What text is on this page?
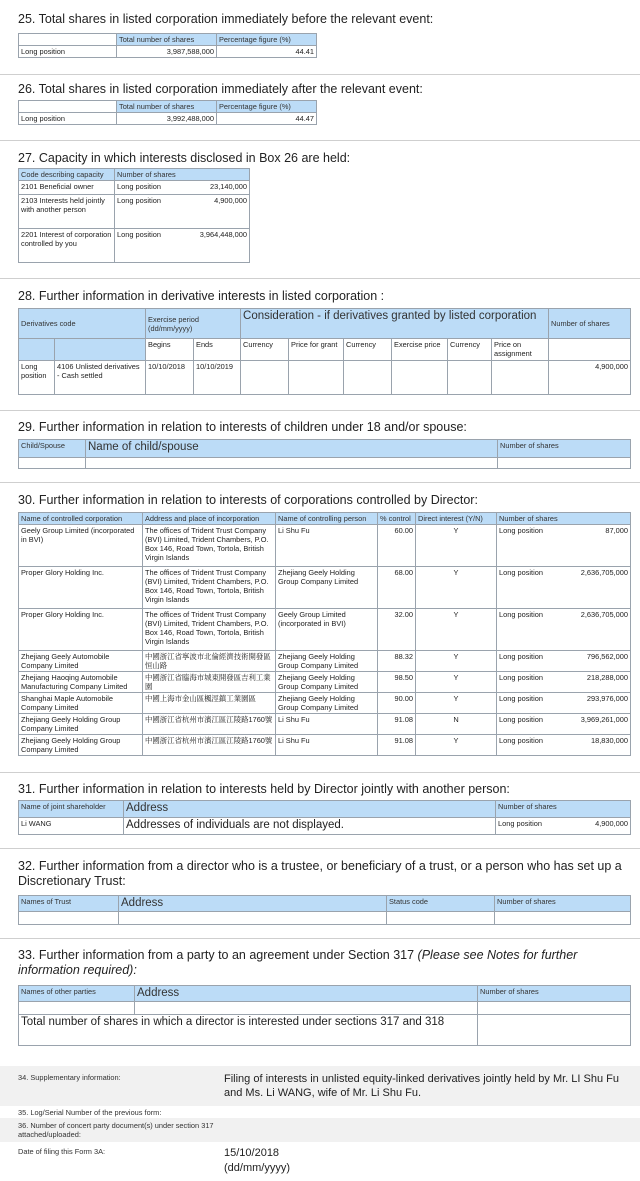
25. Total shares in listed corporation immediately before the relevant event:
	Total number of shares	Percentage figure (%)
Long position	3,987,588,000	44.41
26. Total shares in listed corporation immediately after the relevant event:
	Total number of shares	Percentage figure (%)
Long position	3,992,488,000	44.47
27. Capacity in which interests disclosed in Box 26 are held:
Code describing capacity	Number of shares
2101 Beneficial owner	Long position 23,140,000

2103 Interests held jointly with another person	Long position 4,900,000

2201 Interest of corporation controlled by you	Long position 3,964,448,000
28. Further information in derivative interests in listed corporation :
Derivatives code		Exercise period (dd/mm/yyyy)		Consideration - if derivatives granted by listed corporation						Number of shares
		Begins	Ends	Currency	Price for grant	Currency	Exercise price	Currency	Price on assignment	
Long position	4106 Unlisted derivatives - Cash settled	10/10/2018	10/10/2019							4,900,000
29. Further information in relation to interests of children under 18 and/or spouse:
Child/Spouse	Name of child/spouse	Number of shares

30. Further information in relation to interests of corporations controlled by Director:
Name of controlled corporation	Address and place of incorporation	Name of controlling person	% control	Direct interest (Y/N)	Number of shares
Geely Group Limited (incorporated in BVI)	The offices of Trident Trust Company (BVI) Limited, Trident Chambers, P.O. Box 146, Road Town, Tortola, British Virgin Islands	Li Shu Fu	60.00	Y	Long position 87,000

Proper Glory Holding Inc.	The offices of Trident Trust Company (BVI) Limited, Trident Chambers, P.O. Box 146, Road Town, Tortola, British Virgin Islands	Zhejiang Geely Holding Group Company Limited	68.00	Y	Long position 2,636,705,000

Proper Glory Holding Inc.	The offices of Trident Trust Company (BVI) Limited, Trident Chambers, P.O. Box 146, Road Town, Tortola, British Virgin Islands	Geely Group Limited (incorporated in BVI)	32.00	Y	Long position 2,636,705,000

Zhejiang Geely Automobile Company Limited	中國浙江省寧波市北倫經濟技術開發區恒山路	Zhejiang Geely Holding Group Company Limited	88.32	Y	Long position 796,562,000

Zhejiang Haoqing Automobile Manufacturing Company Limited	中國浙江省臨海市城東開發區吉利工業園	Zhejiang Geely Holding Group Company Limited	98.50	Y	Long position 218,288,000

Shanghai Maple Automobile Company Limited	中國上海市金山區楓涇鎮工業園區	Zhejiang Geely Holding Group Company Limited	90.00	Y	Long position 293,976,000

Zhejiang Geely Holding Group Company Limited	中國浙江省杭州市濱江區江陵路1760號	Li Shu Fu	91.08	N	Long position 3,969,261,000

Zhejiang Geely Holding Group Company Limited	中國浙江省杭州市濱江區江陵路1760號	Li Shu Fu	91.08	Y	Long position 18,830,000
31. Further information in relation to interests held by Director jointly with another person:
Name of joint shareholder	Address	Number of shares
Li WANG	Addresses of individuals are not displayed.	Long position 4,900,000
32. Further information from a director who is a trustee, or beneficiary of a trust, or a person who has set up a Discretionary Trust:
Names of Trust	Address	Status code	Number of shares

33. Further information from a party to an agreement under Section 317 (Please see Notes for further information required):
Names of other parties	Address	Number of shares

Total number of shares in which a director is interested under sections 317 and 318		
34. Supplementary information:	Filing of interests in unlisted equity-linked derivatives jointly held by Mr. LI Shu Fu and Ms. Li WANG, wife of Mr. Li Shu Fu.
35. Log/Serial Number of the previous form:
36. Number of concert party document(s) under section 317 attached/uploaded:
Date of filing this Form 3A:	15/10/2018
(dd/mm/yyyy)
